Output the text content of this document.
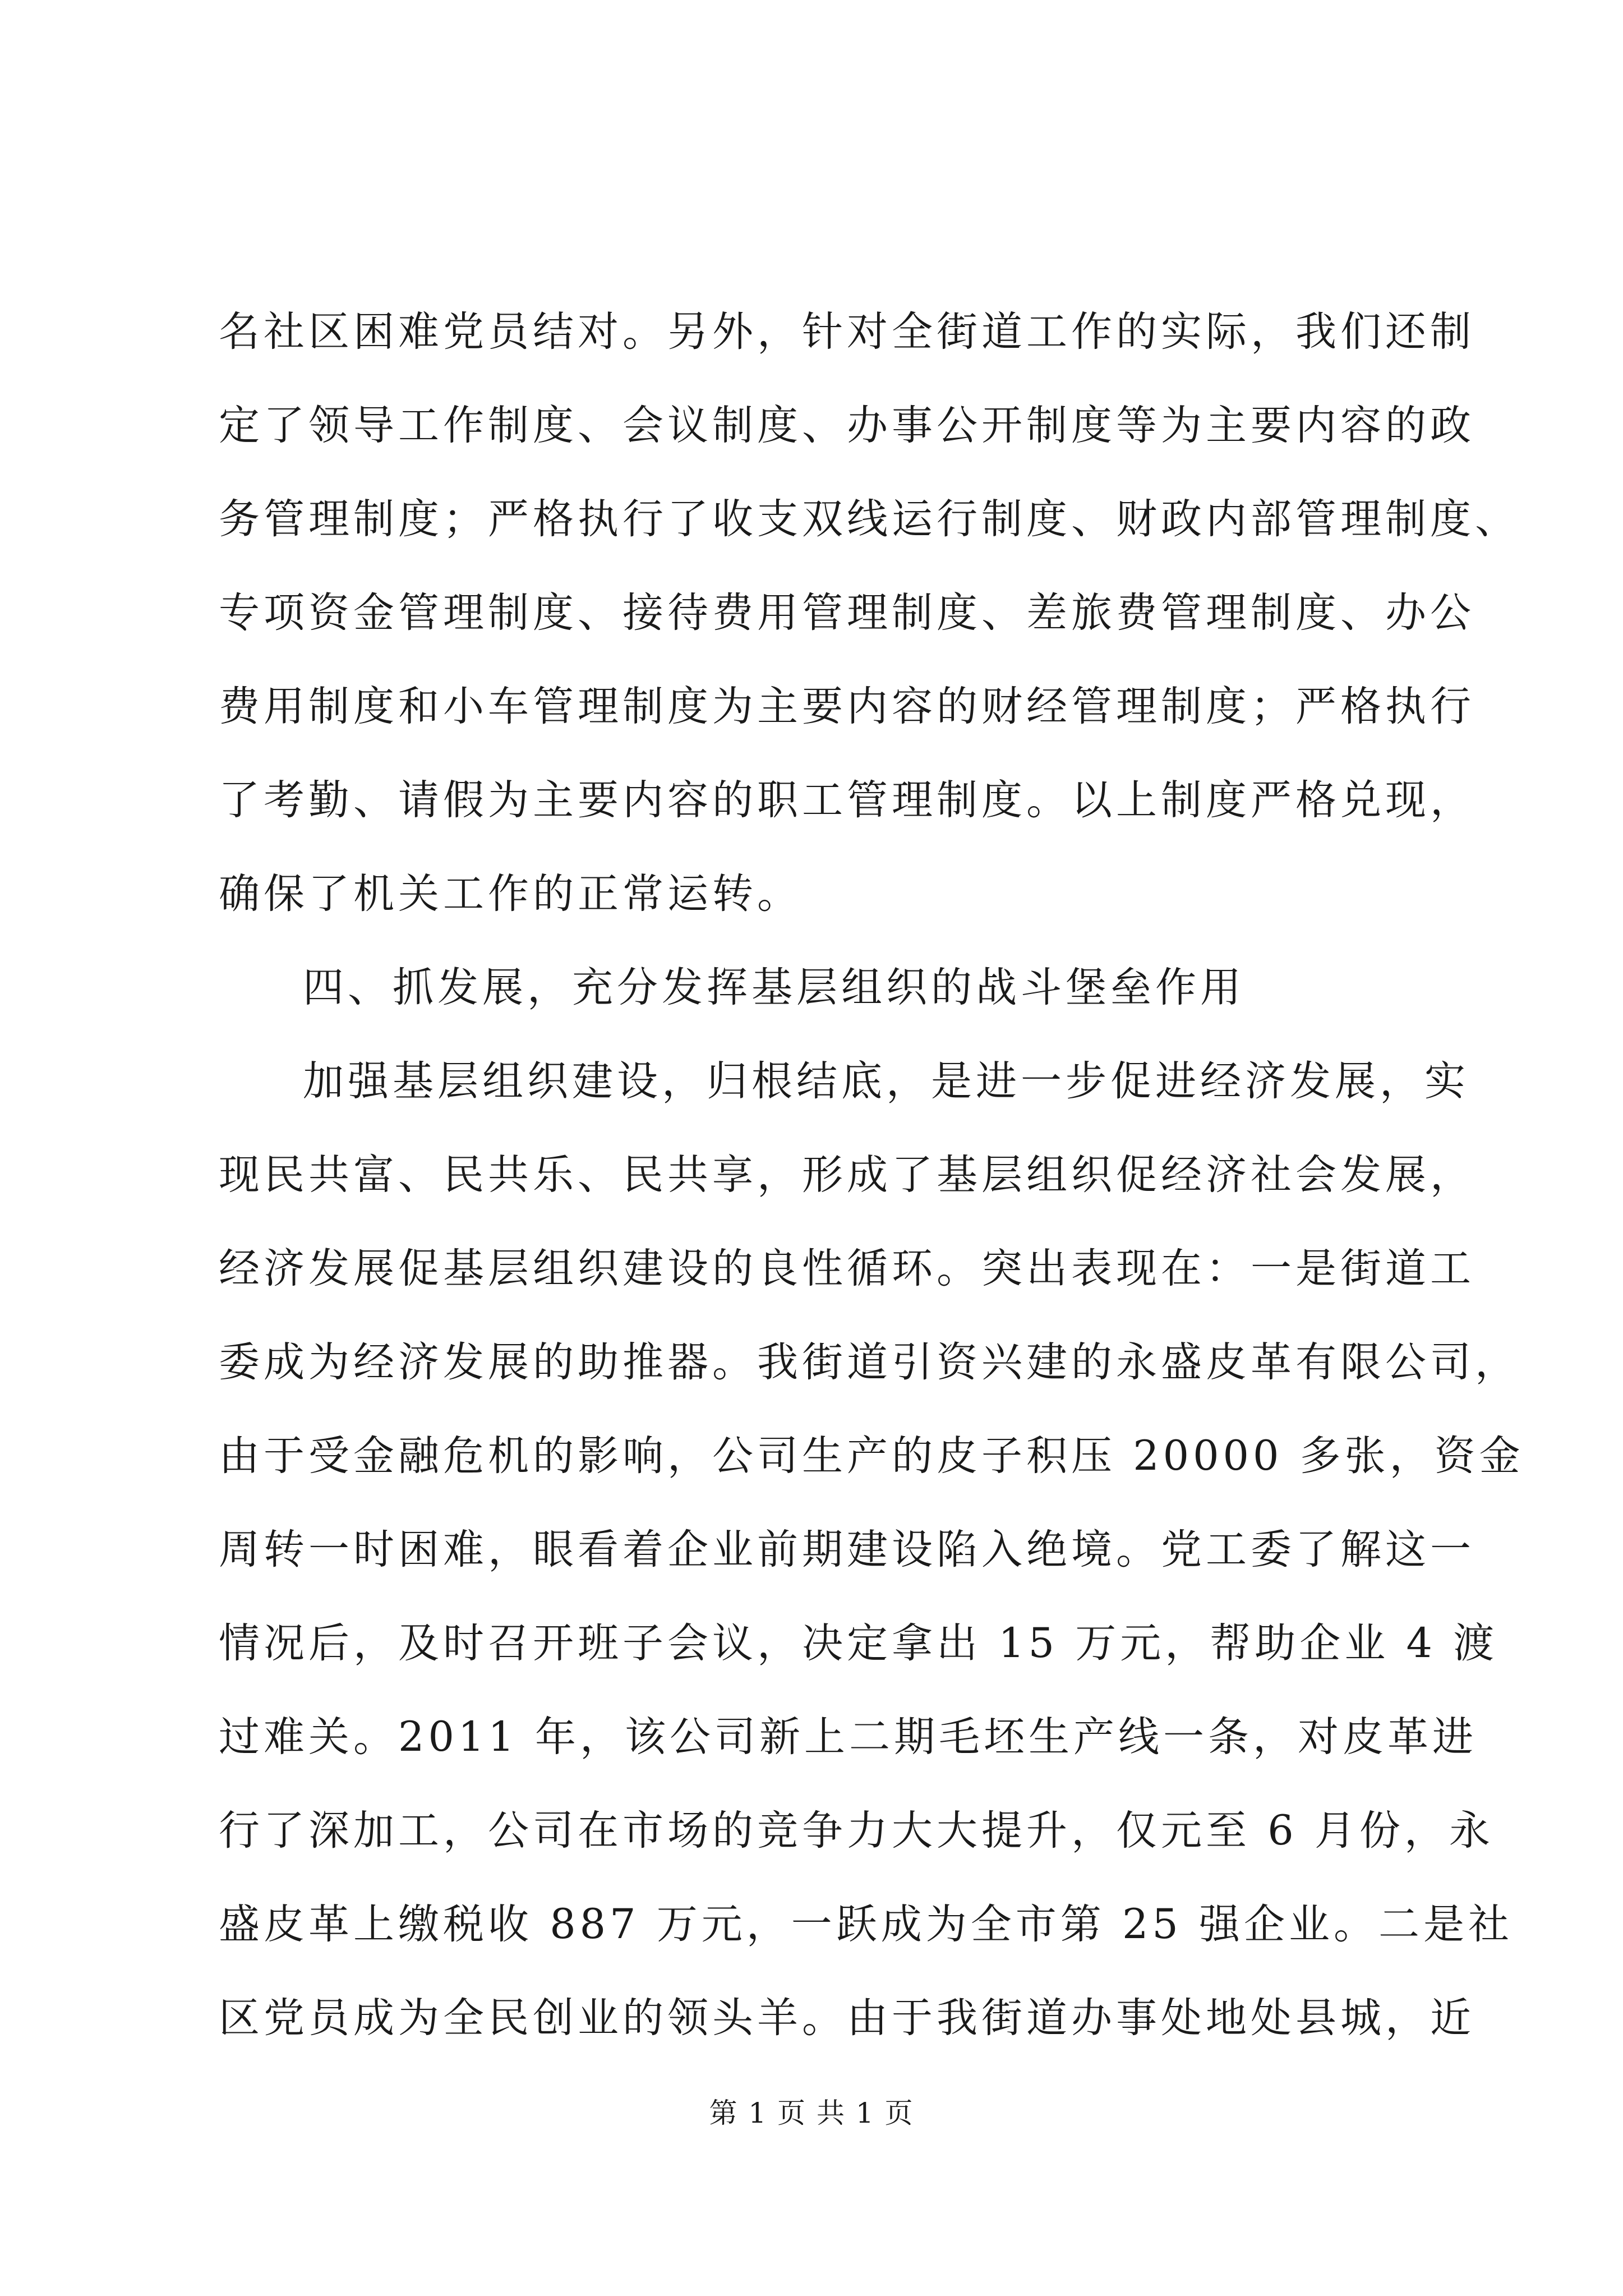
名社区困难党员结对。另外，针对全街道工作的实际，我们还制
定了领导工作制度、会议制度、办事公开制度等为主要内容的政
务管理制度；严格执行了收支双线运行制度、财政内部管理制度、
专项资金管理制度、接待费用管理制度、差旅费管理制度、办公
费用制度和小车管理制度为主要内容的财经管理制度；严格执行
了考勤、请假为主要内容的职工管理制度。以上制度严格兑现，
确保了机关工作的正常运转。
四、抓发展，充分发挥基层组织的战斗堡垒作用
加强基层组织建设，归根结底，是进一步促进经济发展，实
现民共富、民共乐、民共享，形成了基层组织促经济社会发展，
经济发展促基层组织建设的良性循环。突出表现在：一是街道工
委成为经济发展的助推器。我街道引资兴建的永盛皮革有限公司，
由于受金融危机的影响，公司生产的皮子积压 20000 多张，资金
周转一时困难，眼看着企业前期建设陷入绝境。党工委了解这一
情况后，及时召开班子会议，决定拿出 15 万元，帮助企业 4 渡
过难关。2011 年，该公司新上二期毛坯生产线一条，对皮革进
行了深加工，公司在市场的竞争力大大提升，仅元至 6 月份，永
盛皮革上缴税收 887 万元，一跃成为全市第 25 强企业。二是社
区党员成为全民创业的领头羊。由于我街道办事处地处县城，近
第 1 页 共 1 页
